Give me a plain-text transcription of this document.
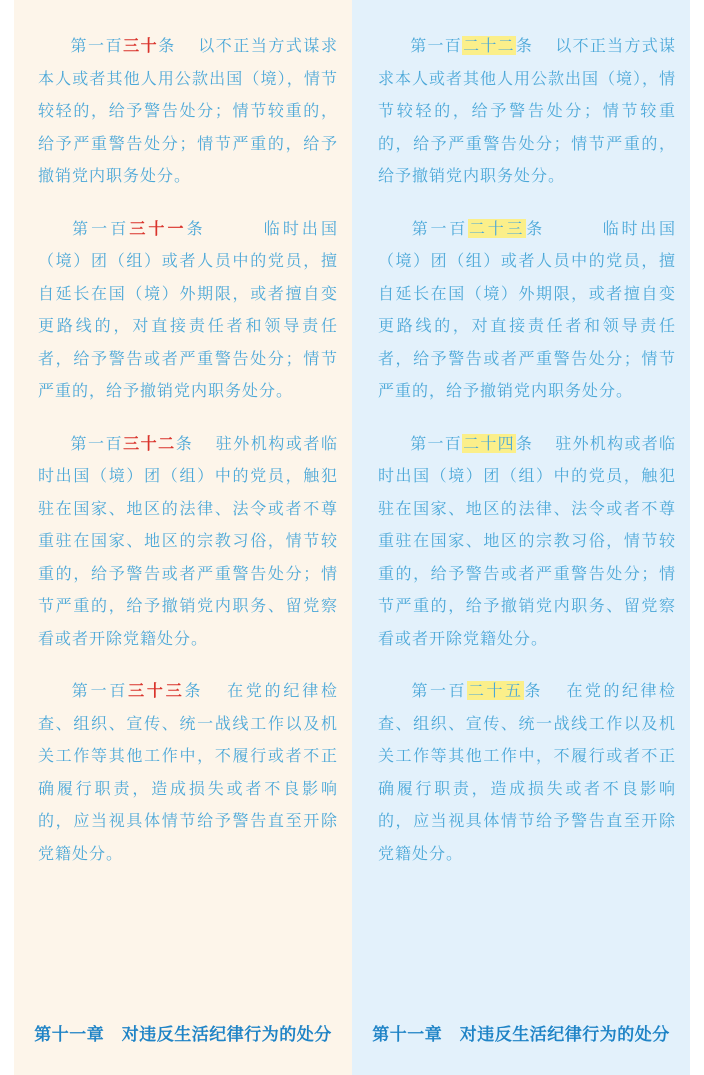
第一百三十条 以不正当方式谋求本人或者其他人用公款出国（境），情节较轻的，给予警告处分；情节较重的，给予严重警告处分；情节严重的，给予撤销党内职务处分。

第一百三十一条	临时出国（境）团（组）或者人员中的党员，擅自延长在国（境）外期限，或者擅自变更路线的，对直接责任者和领导责任者，给予警告或者严重警告处分；情节严重的，给予撤销党内职务处分。

第一百三十二条 驻外机构或者临时出国（境）团（组）中的党员，触犯驻在国家、地区的法律、法令或者不尊重驻在国家、地区的宗教习俗，情节较重的，给予警告或者严重警告处分；情节严重的，给予撤销党内职务、留党察看或者开除党籍处分。

第一百三十三条 在党的纪律检查、组织、宣传、统一战线工作以及机关工作等其他工作中，不履行或者不正确履行职责，造成损失或者不良影响的，应当视具体情节给予警告直至开除党籍处分。

第十一章　对违反生活纪律行为的处分

第一百二十二条 以不正当方式谋求本人或者其他人用公款出国（境），情节较轻的，给予警告处分；情节较重的，给予严重警告处分；情节严重的，给予撤销党内职务处分。

第一百二十三条	临时出国（境）团（组）或者人员中的党员，擅自延长在国（境）外期限，或者擅自变更路线的，对直接责任者和领导责任者，给予警告或者严重警告处分；情节严重的，给予撤销党内职务处分。

第一百二十四条 驻外机构或者临时出国（境）团（组）中的党员，触犯驻在国家、地区的法律、法令或者不尊重驻在国家、地区的宗教习俗，情节较重的，给予警告或者严重警告处分；情节严重的，给予撤销党内职务、留党察看或者开除党籍处分。

第一百二十五条 在党的纪律检查、组织、宣传、统一战线工作以及机关工作等其他工作中，不履行或者不正确履行职责，造成损失或者不良影响的，应当视具体情节给予警告直至开除党籍处分。

第十一章　对违反生活纪律行为的处分
